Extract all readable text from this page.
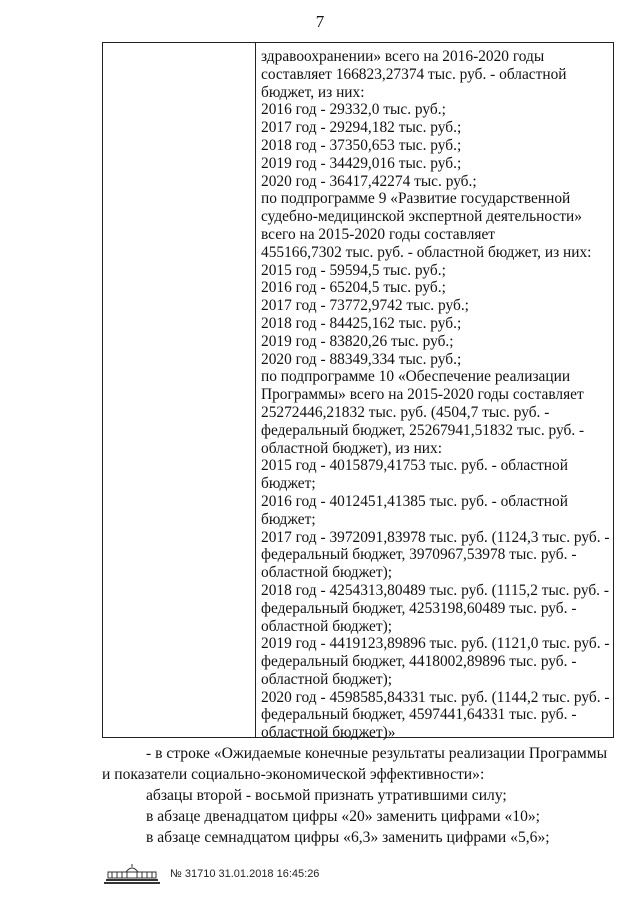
7
здравоохранении» всего на 2016-2020 годы
составляет 166823,27374 тыс. руб. - областной
бюджет, из них:
2016 год - 29332,0 тыс. руб.;
2017 год - 29294,182 тыс. руб.;
2018 год - 37350,653 тыс. руб.;
2019 год - 34429,016 тыс. руб.;
2020 год - 36417,42274 тыс. руб.;
по подпрограмме 9 «Развитие государственной
судебно-медицинской экспертной деятельности»
всего на 2015-2020 годы составляет
455166,7302 тыс. руб. - областной бюджет, из них:
2015 год - 59594,5 тыс. руб.;
2016 год - 65204,5 тыс. руб.;
2017 год - 73772,9742 тыс. руб.;
2018 год - 84425,162 тыс. руб.;
2019 год - 83820,26 тыс. руб.;
2020 год - 88349,334 тыс. руб.;
по подпрограмме 10 «Обеспечение реализации
Программы» всего на 2015-2020 годы составляет
25272446,21832 тыс. руб. (4504,7 тыс. руб. -
федеральный бюджет, 25267941,51832 тыс. руб. -
областной бюджет), из них:
2015 год - 4015879,41753 тыс. руб. - областной
бюджет;
2016 год - 4012451,41385 тыс. руб. - областной
бюджет;
2017 год - 3972091,83978 тыс. руб. (1124,3 тыс. руб. -
федеральный бюджет, 3970967,53978 тыс. руб. -
областной бюджет);
2018 год - 4254313,80489 тыс. руб. (1115,2 тыс. руб. -
федеральный бюджет, 4253198,60489 тыс. руб. -
областной бюджет);
2019 год - 4419123,89896 тыс. руб. (1121,0 тыс. руб. -
федеральный бюджет, 4418002,89896 тыс. руб. -
областной бюджет);
2020 год - 4598585,84331 тыс. руб. (1144,2 тыс. руб. -
федеральный бюджет, 4597441,64331 тыс. руб. -
областной бюджет)»
- в строке «Ожидаемые конечные результаты реализации Программы
и показатели социально-экономической эффективности»:
абзацы второй - восьмой признать утратившими силу;
в абзаце двенадцатом цифры «20» заменить цифрами «10»;
в абзаце семнадцатом цифры «6,3» заменить цифрами «5,6»;
№ 31710 31.01.2018 16:45:26
